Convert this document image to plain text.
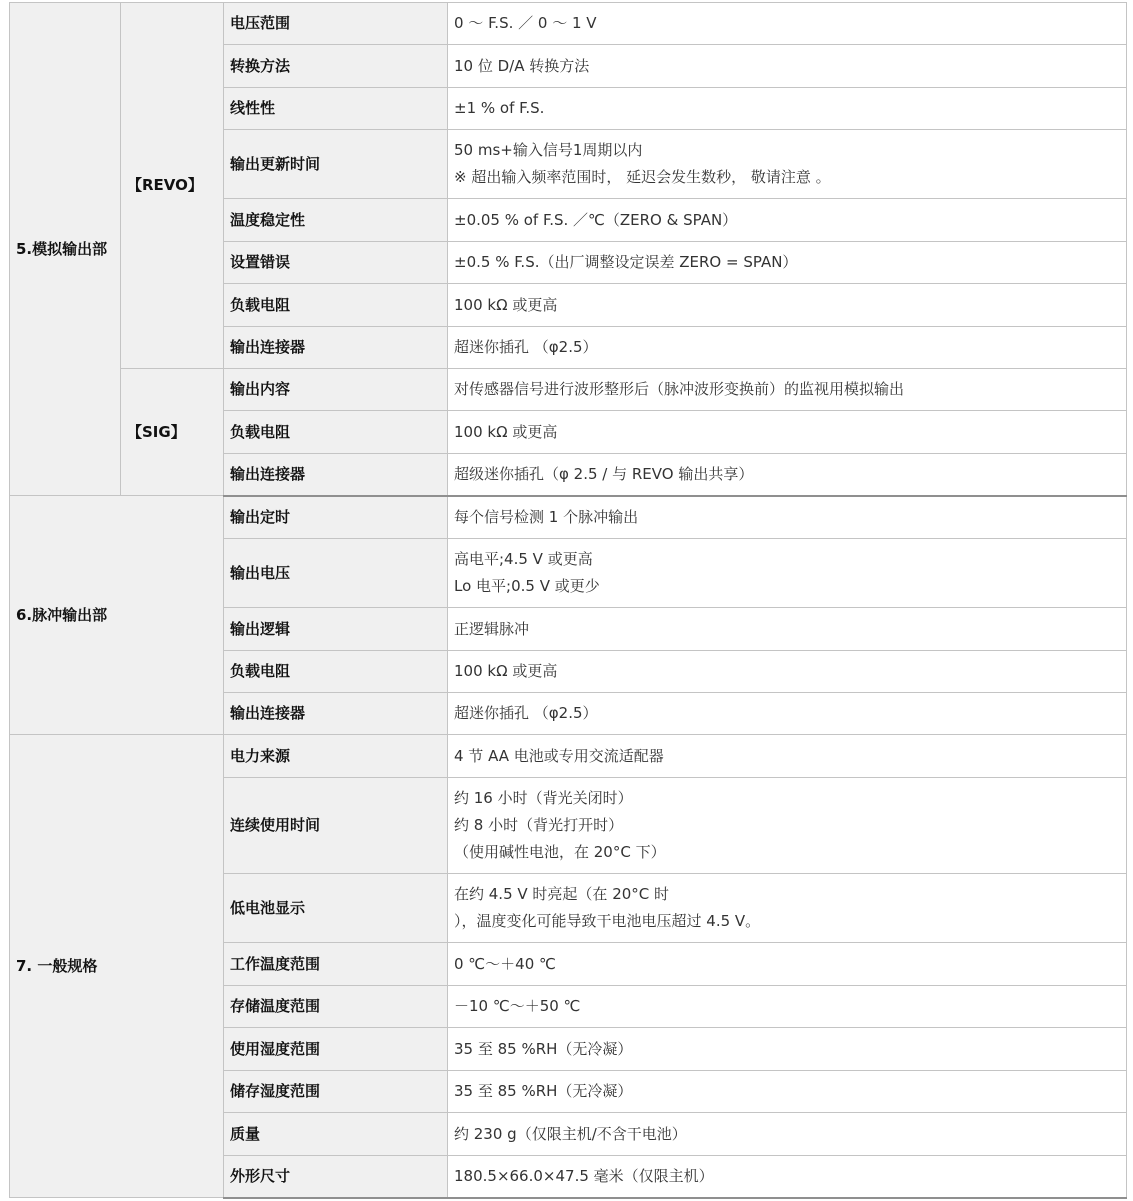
5.模拟输出部	【REVO】	电压范围	0 ～ F.S. ／ 0 ～ 1 V

		转换方法	10 位 D/A 转换方法

		线性性	±1 % of F.S.

		输出更新时间	50 ms+输入信号1周期以内
※ 超出输入频率范围时， 延迟会发生数秒， 敬请注意 。

		温度稳定性	±0.05 % of F.S. ／℃（ZERO & SPAN）

		设置错误	±0.5 % F.S.（出厂调整设定误差 ZERO = SPAN）

		负载电阻	100 kΩ 或更高

		输出连接器	超迷你插孔 （φ2.5）

	【SIG】	输出内容	对传感器信号进行波形整形后（脉冲波形变换前）的监视用模拟输出

		负载电阻	100 kΩ 或更高

		输出连接器	超级迷你插孔（φ 2.5 / 与 REVO 输出共享）

6.脉冲输出部		输出定时	每个信号检测 1 个脉冲输出

		输出电压	高电平;4.5 V 或更高
Lo 电平;0.5 V 或更少

		输出逻辑	正逻辑脉冲

		负载电阻	100 kΩ 或更高

		输出连接器	超迷你插孔 （φ2.5）

7. 一般规格		电力来源	4 节 AA 电池或专用交流适配器

		连续使用时间	约 16 小时（背光关闭时）
约 8 小时（背光打开时）
（使用碱性电池，在 20°C 下）

		低电池显示	在约 4.5 V 时亮起（在 20°C 时
），温度变化可能导致干电池电压超过 4.5 V。

		工作温度范围	0 ℃～＋40 ℃

		存储温度范围	－10 ℃～＋50 ℃

		使用湿度范围	35 至 85 %RH（无冷凝）

		储存湿度范围	35 至 85 %RH（无冷凝）

		质量	约 230 g（仅限主机/不含干电池）

		外形尺寸	180.5×66.0×47.5 毫米（仅限主机）
